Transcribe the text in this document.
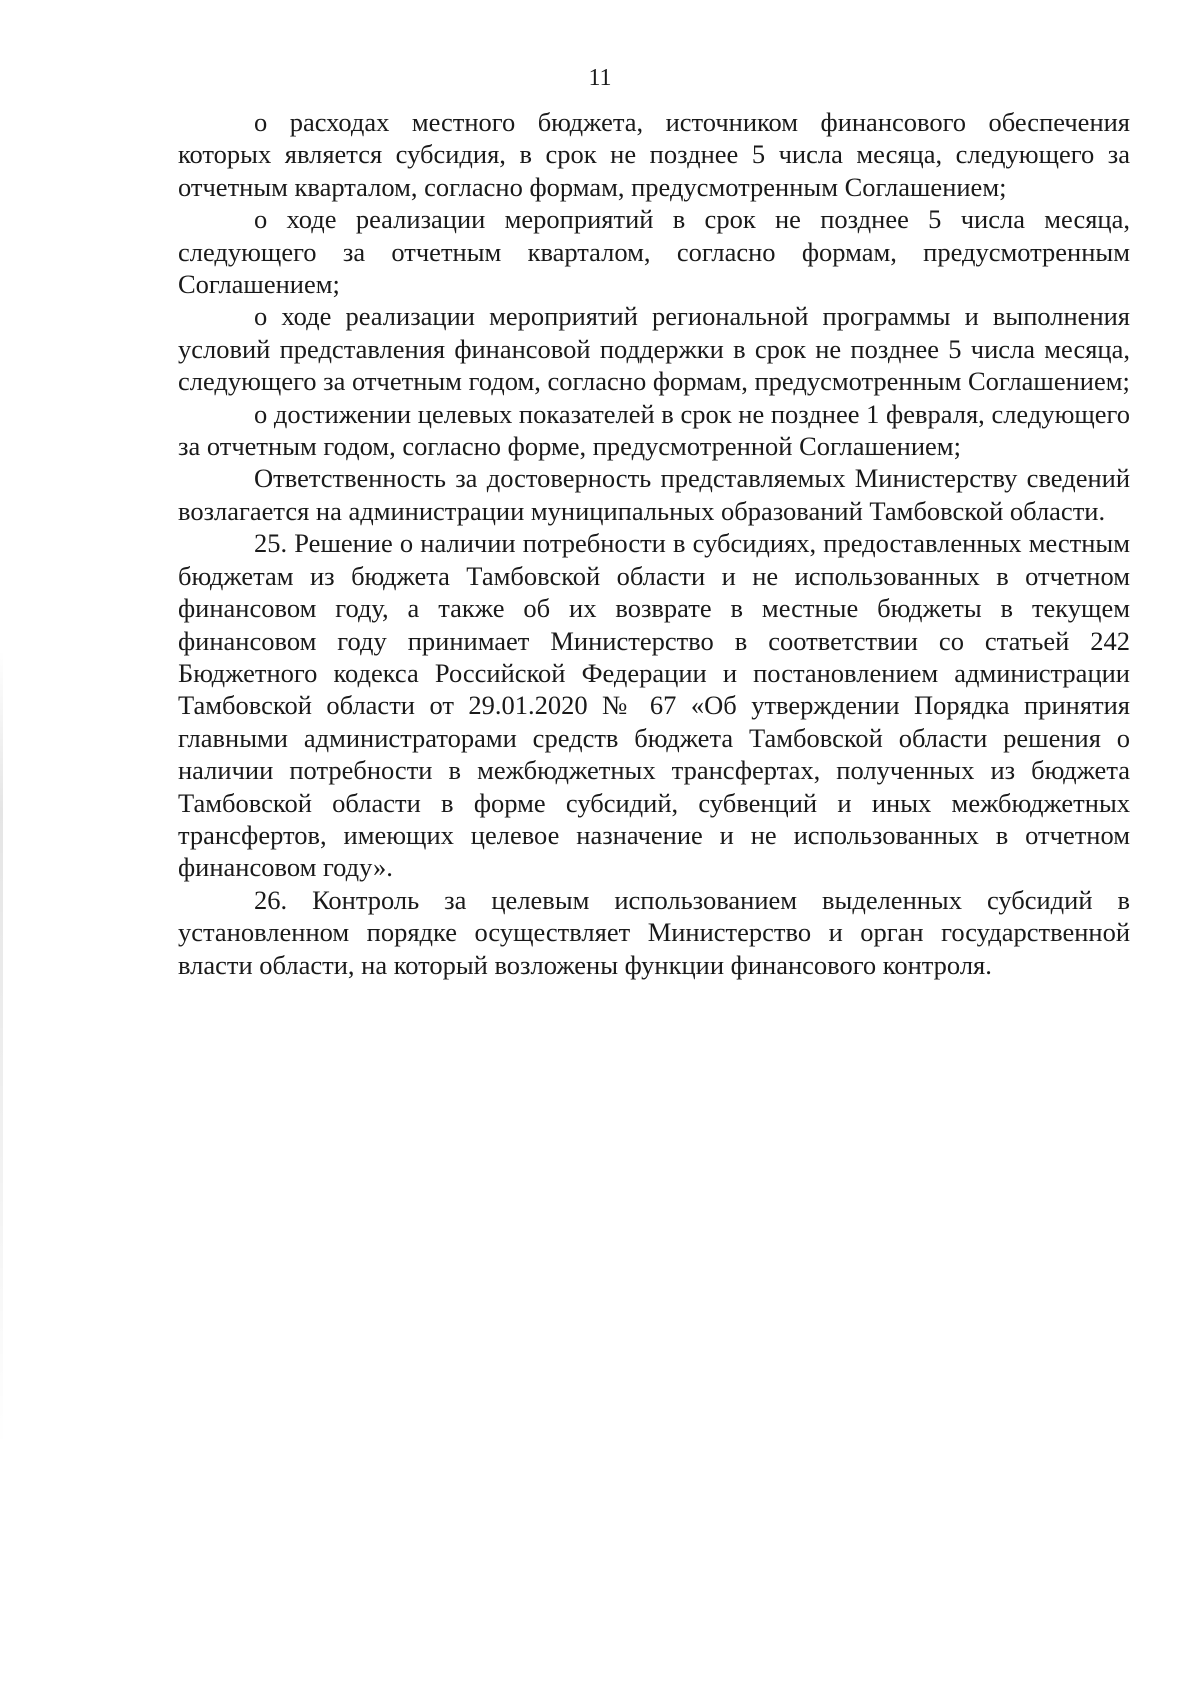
11

о расходах местного бюджета, источником финансового обеспечения которых является субсидия, в срок не позднее 5 числа месяца, следующего за отчетным кварталом, согласно формам, предусмотренным Соглашением;

о ходе реализации мероприятий в срок не позднее 5 числа месяца, следующего за отчетным кварталом, согласно формам, предусмотренным Соглашением;

о ходе реализации мероприятий региональной программы и выполнения условий представления финансовой поддержки в срок не позднее 5 числа месяца, следующего за отчетным годом, согласно формам, предусмотренным Соглашением;

о достижении целевых показателей в срок не позднее 1 февраля, следующего за отчетным годом, согласно форме, предусмотренной Соглашением;

Ответственность за достоверность представляемых Министерству сведений возлагается на администрации муниципальных образований Тамбовской области.

25. Решение о наличии потребности в субсидиях, предоставленных местным бюджетам из бюджета Тамбовской области и не использованных в отчетном финансовом году, а также об их возврате в местные бюджеты в текущем финансовом году принимает Министерство в соответствии со статьей 242 Бюджетного кодекса Российской Федерации и постановлением администрации Тамбовской области от 29.01.2020 № 67 «Об утверждении Порядка принятия главными администраторами средств бюджета Тамбовской области решения о наличии потребности в межбюджетных трансфертах, полученных из бюджета Тамбовской области в форме субсидий, субвенций и иных межбюджетных трансфертов, имеющих целевое назначение и не использованных в отчетном финансовом году».

26. Контроль за целевым использованием выделенных субсидий в установленном порядке осуществляет Министерство и орган государственной власти области, на который возложены функции финансового контроля.
